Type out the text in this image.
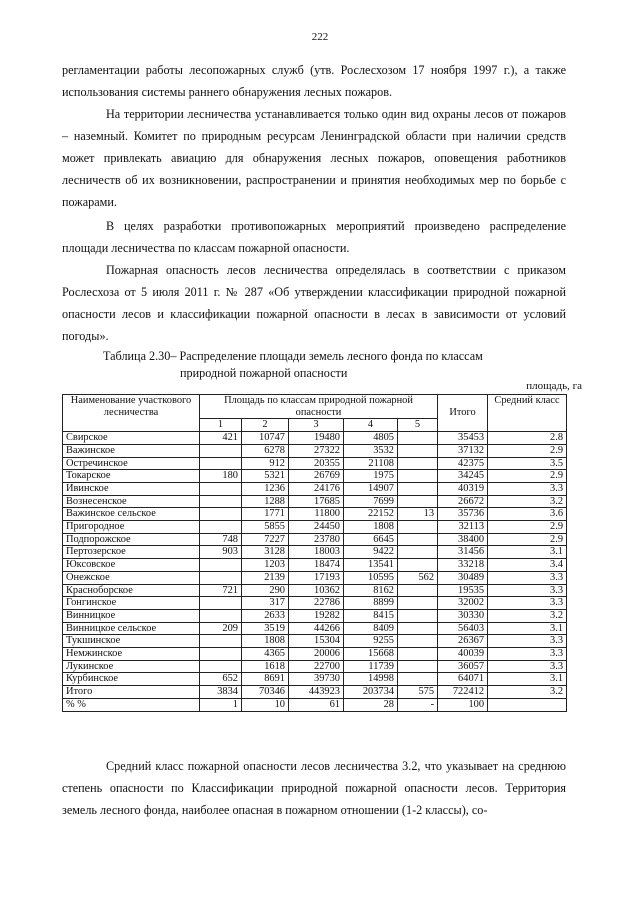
222

регламентации работы лесопожарных служб (утв. Рослесхозом 17 ноября 1997 г.), а также использования системы раннего обнаружения лесных пожаров.

На территории лесничества устанавливается только один вид охраны лесов от пожаров – наземный. Комитет по природным ресурсам Ленинградской области при наличии средств может привлекать авиацию для обнаружения лесных пожаров, оповещения работников лесничеств об их возникновении, распространении и принятия необходимых мер по борьбе с пожарами.

В целях разработки противопожарных мероприятий произведено распределение площади лесничества по классам пожарной опасности.

Пожарная опасность лесов лесничества определялась в соответствии с приказом Рослесхоза от 5 июля 2011 г. № 287 «Об утверждении классификации природной пожарной опасности лесов и классификации пожарной опасности в лесах в зависимости от условий погоды».

Таблица 2.30– Распределение площади земель лесного фонда по классам
природной пожарной опасности
площадь, га
Наименование участкового лесничества	Площадь по классам природной пожарной опасности					Итого	Средний класс
	1	2	3	4	5		
Свирское	421	10747	19480	4805		35453	2.8
Важинское		6278	27322	3532		37132	2.9
Остречинское		912	20355	21108		42375	3.5
Токарское	180	5321	26769	1975		34245	2.9
Ивинское		1236	24176	14907		40319	3.3
Вознесенское		1288	17685	7699		26672	3.2
Важинское сельское		1771	11800	22152	13	35736	3.6
Пригородное		5855	24450	1808		32113	2.9
Подпорожское	748	7227	23780	6645		38400	2.9
Пертозерское	903	3128	18003	9422		31456	3.1
Юксовское		1203	18474	13541		33218	3.4
Онежское		2139	17193	10595	562	30489	3.3
Красноборское	721	290	10362	8162		19535	3.3
Гонгинское		317	22786	8899		32002	3.3
Винницкое		2633	19282	8415		30330	3.2
Винницкое сельское	209	3519	44266	8409		56403	3.1
Тукшинское		1808	15304	9255		26367	3.3
Немжинское		4365	20006	15668		40039	3.3
Лукинское		1618	22700	11739		36057	3.3
Курбинское	652	8691	39730	14998		64071	3.1
Итого	3834	70346	443923	203734	575	722412	3.2
% %	1	10	61	28	-	100	

Средний класс пожарной опасности лесов лесничества 3.2, что указывает на среднюю степень опасности по Классификации природной пожарной опасности лесов. Территория земель лесного фонда, наиболее опасная в пожарном отношении (1-2 классы), со-
